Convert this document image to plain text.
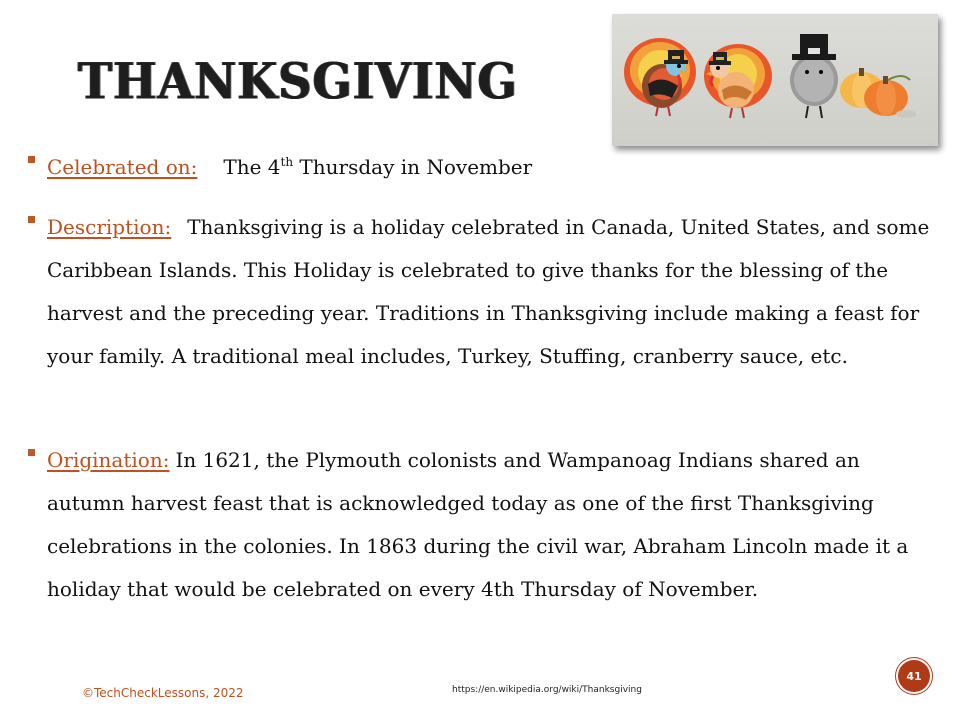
THANKSGIVING
Celebrated on: The 4th Thursday in November
Description: Thanksgiving is a holiday celebrated in Canada, United States, and some Caribbean Islands. This Holiday is celebrated to give thanks for the blessing of the harvest and the preceding year. Traditions in Thanksgiving include making a feast for your family. A traditional meal includes, Turkey, Stuffing, cranberry sauce, etc.
Origination: In 1621, the Plymouth colonists and Wampanoag Indians shared an autumn harvest feast that is acknowledged today as one of the first Thanksgiving celebrations in the colonies. In 1863 during the civil war, Abraham Lincoln made it a holiday that would be celebrated on every 4th Thursday of November.
©TechCheckLessons, 2022	https://en.wikipedia.org/wiki/Thanksgiving
41
